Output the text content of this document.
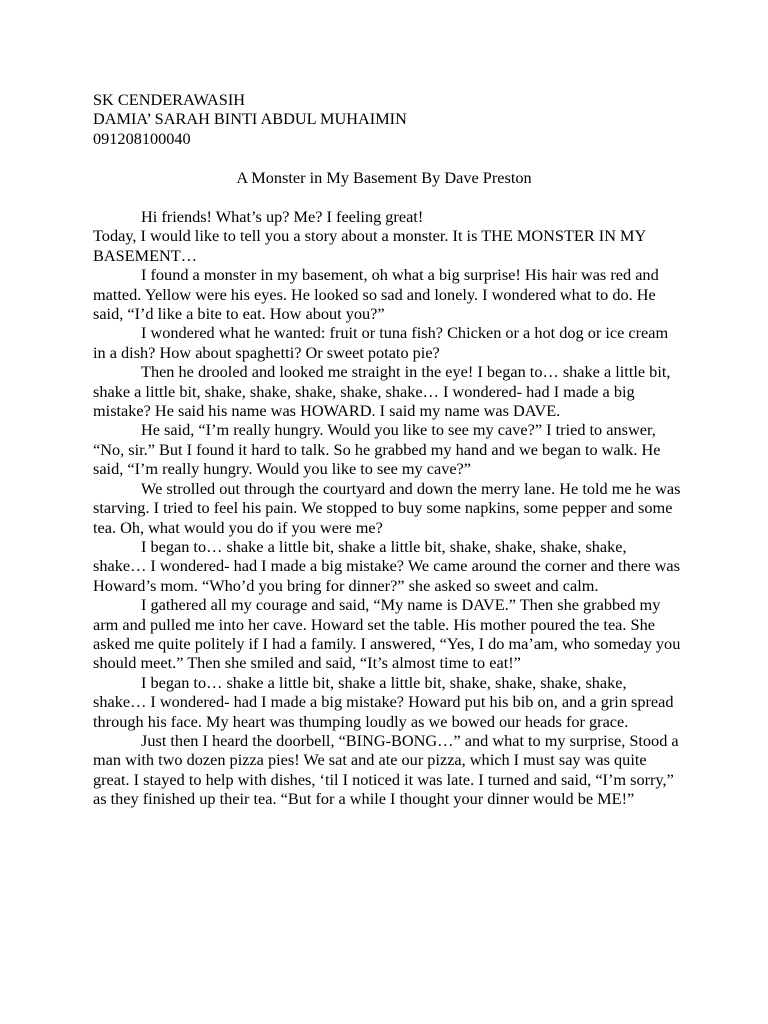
SK CENDERAWASIH
DAMIA’ SARAH BINTI ABDUL MUHAIMIN
091208100040
A Monster in My Basement By Dave Preston

Hi friends! What’s up? Me? I feeling great!

Today, I would like to tell you a story about a monster. It is THE MONSTER IN MY BASEMENT…

I found a monster in my basement, oh what a big surprise! His hair was red and matted. Yellow were his eyes. He looked so sad and lonely. I wondered what to do. He said, “I’d like a bite to eat. How about you?”

I wondered what he wanted: fruit or tuna fish? Chicken or a hot dog or ice cream in a dish? How about spaghetti? Or sweet potato pie?

Then he drooled and looked me straight in the eye! I began to… shake a little bit, shake a little bit, shake, shake, shake, shake, shake… I wondered- had I made a big mistake? He said his name was HOWARD. I said my name was DAVE.

He said, “I’m really hungry. Would you like to see my cave?” I tried to answer, “No, sir.” But I found it hard to talk. So he grabbed my hand and we began to walk. He said, “I’m really hungry. Would you like to see my cave?”

We strolled out through the courtyard and down the merry lane. He told me he was starving. I tried to feel his pain. We stopped to buy some napkins, some pepper and some tea. Oh, what would you do if you were me?

I began to… shake a little bit, shake a little bit, shake, shake, shake, shake, shake… I wondered- had I made a big mistake? We came around the corner and there was Howard’s mom. “Who’d you bring for dinner?” she asked so sweet and calm.

I gathered all my courage and said, “My name is DAVE.” Then she grabbed my arm and pulled me into her cave. Howard set the table. His mother poured the tea. She asked me quite politely if I had a family. I answered, “Yes, I do ma’am, who someday you should meet.” Then she smiled and said, “It’s almost time to eat!”

I began to… shake a little bit, shake a little bit, shake, shake, shake, shake, shake… I wondered- had I made a big mistake? Howard put his bib on, and a grin spread through his face. My heart was thumping loudly as we bowed our heads for grace.

Just then I heard the doorbell, “BING-BONG…” and what to my surprise, Stood a man with two dozen pizza pies! We sat and ate our pizza, which I must say was quite great. I stayed to help with dishes, ‘til I noticed it was late. I turned and said, “I’m sorry,” as they finished up their tea. “But for a while I thought your dinner would be ME!”
